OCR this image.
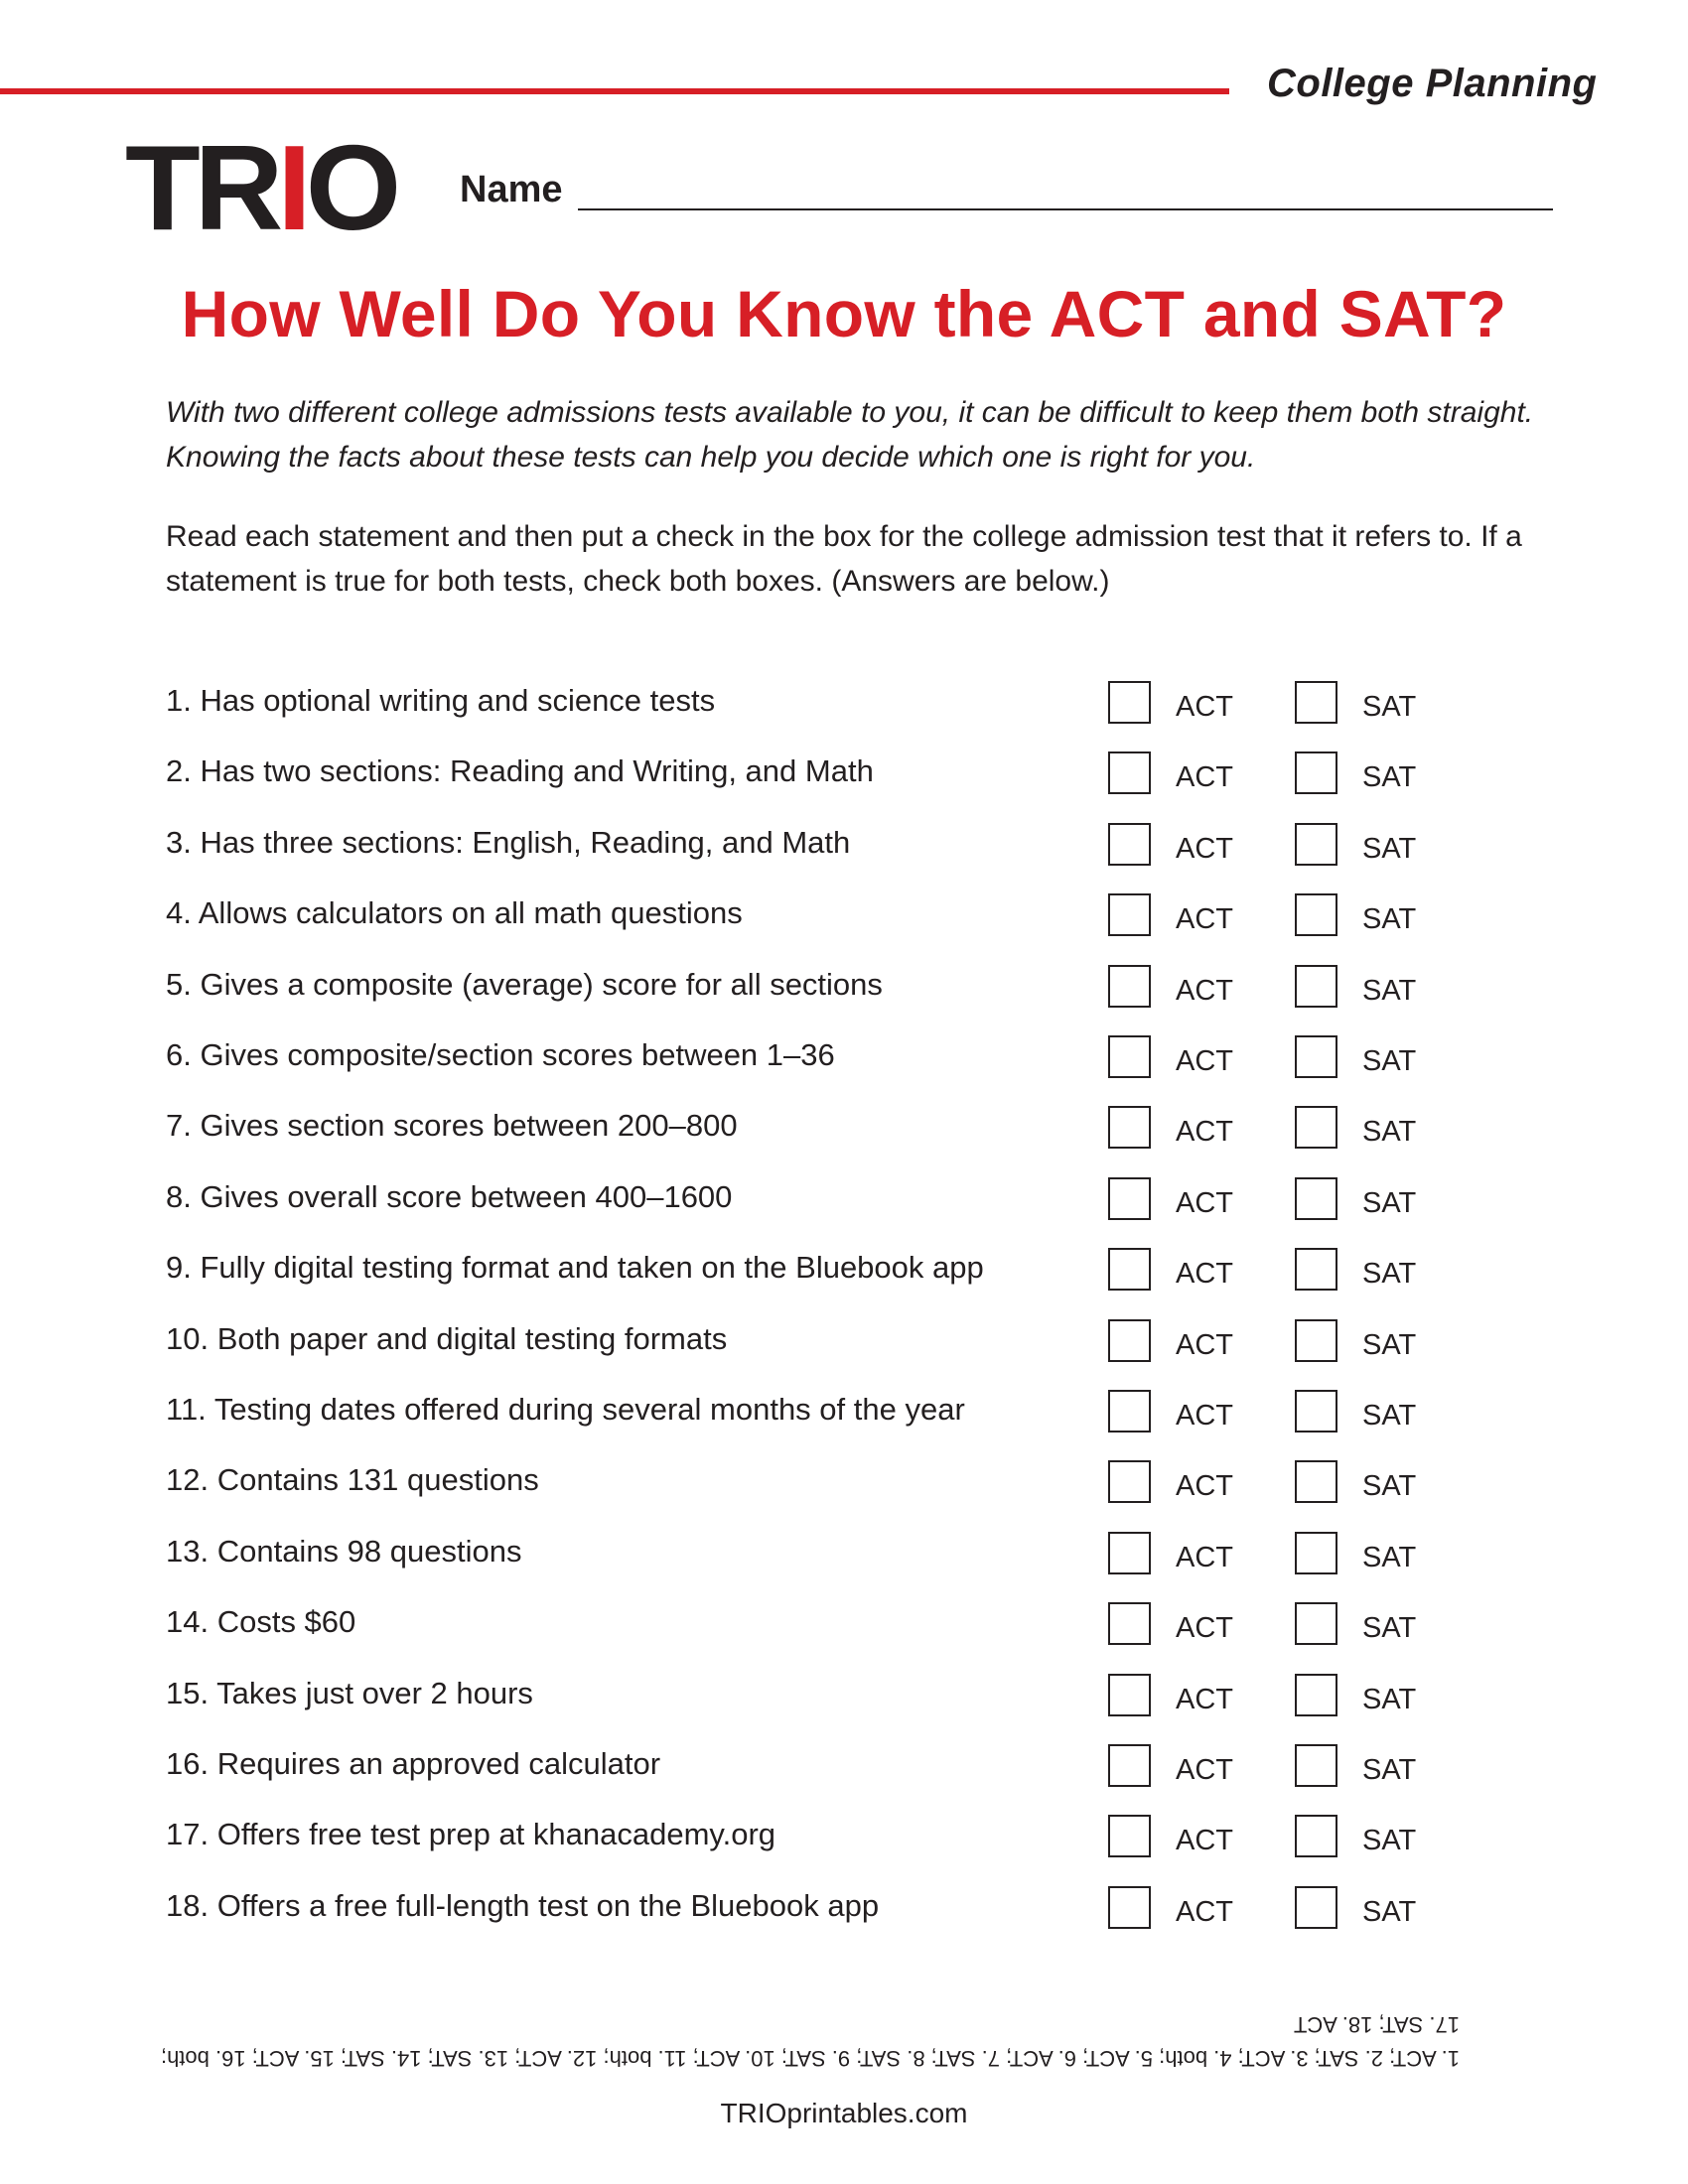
College Planning
TRIO Name
How Well Do You Know the ACT and SAT?
With two different college admissions tests available to you, it can be difficult to keep them both straight. Knowing the facts about these tests can help you decide which one is right for you.
Read each statement and then put a check in the box for the college admission test that it refers to. If a statement is true for both tests, check both boxes. (Answers are below.)
1. Has optional writing and science tests	ACT	SAT
2. Has two sections: Reading and Writing, and Math	ACT	SAT
3. Has three sections: English, Reading, and Math	ACT	SAT
4. Allows calculators on all math questions	ACT	SAT
5. Gives a composite (average) score for all sections	ACT	SAT
6. Gives composite/section scores between 1–36	ACT	SAT
7. Gives section scores between 200–800	ACT	SAT
8. Gives overall score between 400–1600	ACT	SAT
9. Fully digital testing format and taken on the Bluebook app	ACT	SAT
10. Both paper and digital testing formats	ACT	SAT
11. Testing dates offered during several months of the year	ACT	SAT
12. Contains 131 questions	ACT	SAT
13. Contains 98 questions	ACT	SAT
14. Costs $60	ACT	SAT
15. Takes just over 2 hours	ACT	SAT
16. Requires an approved calculator	ACT	SAT
17. Offers free test prep at khanacademy.org	ACT	SAT
18. Offers a free full-length test on the Bluebook app	ACT	SAT
1. ACT; 2. SAT; 3. ACT; 4. both; 5. ACT; 6. ACT; 7. SAT; 8. SAT; 9. SAT; 10. ACT; 11. both; 12. ACT; 13. SAT; 14. SAT; 15. ACT; 16. both;
17. SAT; 18. ACT
TRIOprintables.com
